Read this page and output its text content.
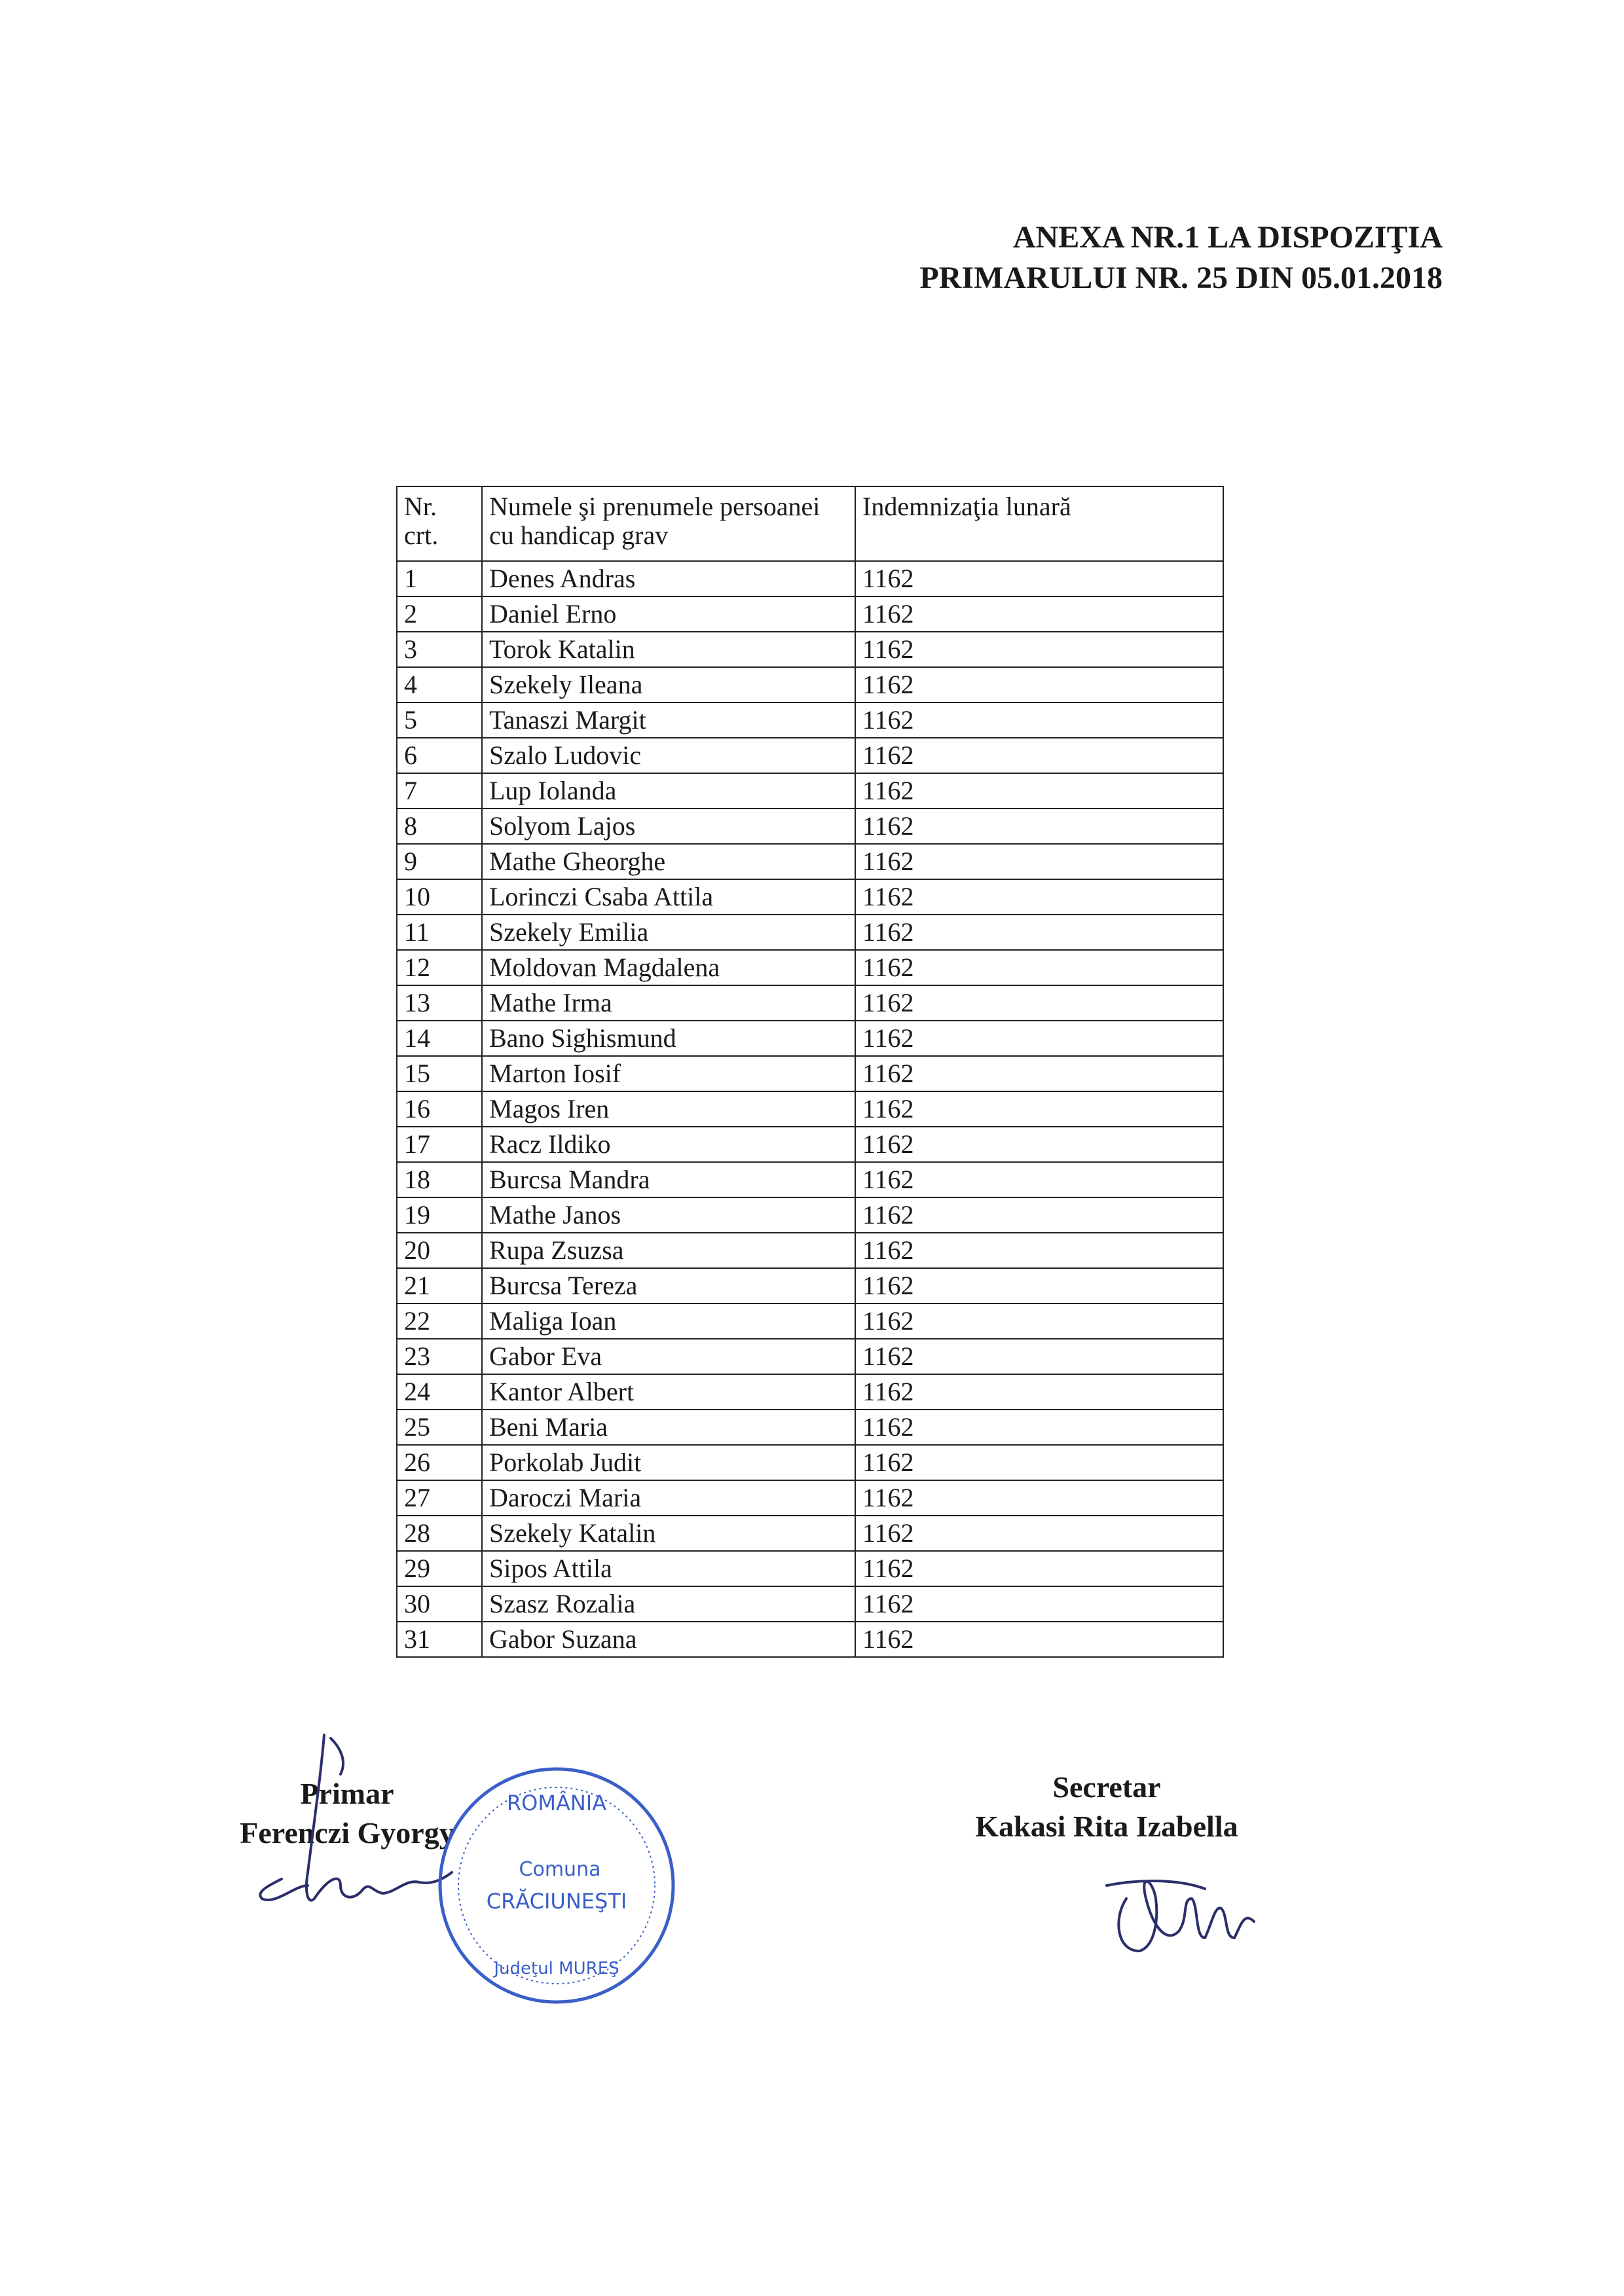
ANEXA NR.1 LA DISPOZIŢIA
PRIMARULUI NR. 25 DIN 05.01.2018
Nr. crt.	Numele şi prenumele persoanei cu handicap grav	Indemnizaţia lunară
1	Denes Andras	1162
2	Daniel Erno	1162
3	Torok Katalin	1162
4	Szekely Ileana	1162
5	Tanaszi Margit	1162
6	Szalo Ludovic	1162
7	Lup Iolanda	1162
8	Solyom Lajos	1162
9	Mathe Gheorghe	1162
10	Lorinczi Csaba Attila	1162
11	Szekely Emilia	1162
12	Moldovan Magdalena	1162
13	Mathe Irma	1162
14	Bano Sighismund	1162
15	Marton Iosif	1162
16	Magos Iren	1162
17	Racz Ildiko	1162
18	Burcsa Mandra	1162
19	Mathe Janos	1162
20	Rupa Zsuzsa	1162
21	Burcsa Tereza	1162
22	Maliga Ioan	1162
23	Gabor Eva	1162
24	Kantor Albert	1162
25	Beni Maria	1162
26	Porkolab Judit	1162
27	Daroczi Maria	1162
28	Szekely Katalin	1162
29	Sipos Attila	1162
30	Szasz Rozalia	1162
31	Gabor Suzana	1162
Primar
Ferenczi Gyorgy
ROMÂNIA
Comuna
CRĂCIUNEŞTI
Judeţul MUREŞ
Secretar
Kakasi Rita Izabella
